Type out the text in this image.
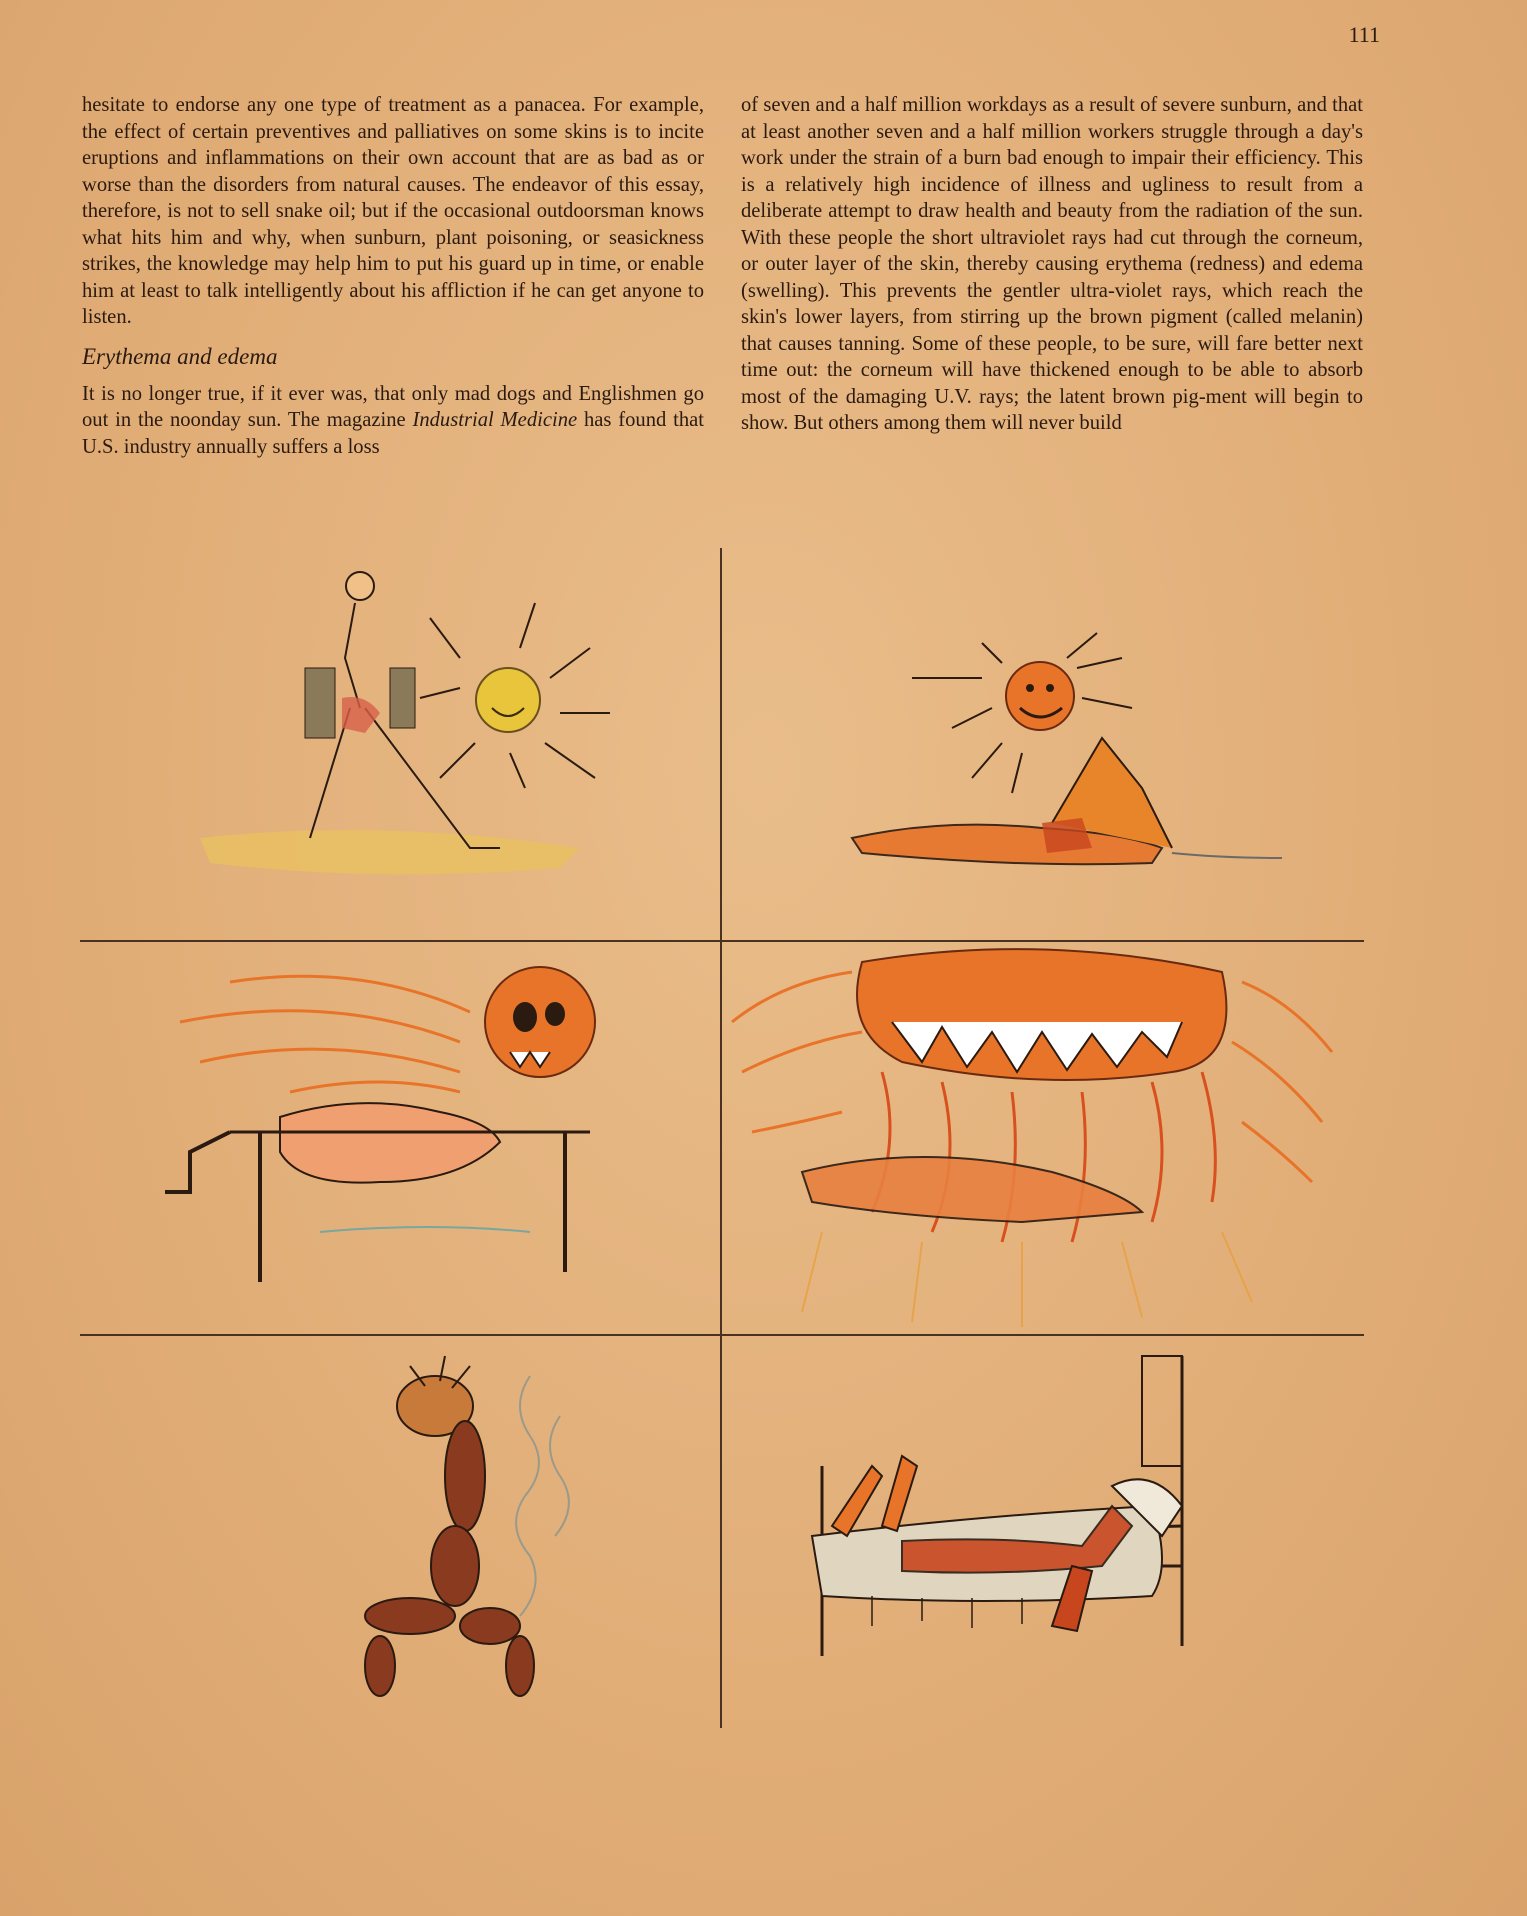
111

hesitate to endorse any one type of treatment as a panacea. For example, the effect of certain preventives and palliatives on some skins is to incite eruptions and inflammations on their own account that are as bad as or worse than the disorders from natural causes. The endeavor of this essay, therefore, is not to sell snake oil; but if the occasional outdoorsman knows what hits him and why, when sunburn, plant poisoning, or seasickness strikes, the knowledge may help him to put his guard up in time, or enable him at least to talk intelligently about his affliction if he can get anyone to listen.

Erythema and edema

It is no longer true, if it ever was, that only mad dogs and Englishmen go out in the noonday sun. The magazine Industrial Medicine has found that U.S. industry annually suffers a loss

of seven and a half million workdays as a result of severe sunburn, and that at least another seven and a half million workers struggle through a day's work under the strain of a burn bad enough to impair their efficiency. This is a relatively high incidence of illness and ugliness to result from a deliberate attempt to draw health and beauty from the radiation of the sun. With these people the short ultraviolet rays had cut through the corneum, or outer layer of the skin, thereby causing erythema (redness) and edema (swelling). This prevents the gentler ultra-violet rays, which reach the skin's lower layers, from stirring up the brown pigment (called melanin) that causes tanning. Some of these people, to be sure, will fare better next time out: the corneum will have thickened enough to be able to absorb most of the damaging U.V. rays; the latent brown pig-ment will begin to show. But others among them will never build
